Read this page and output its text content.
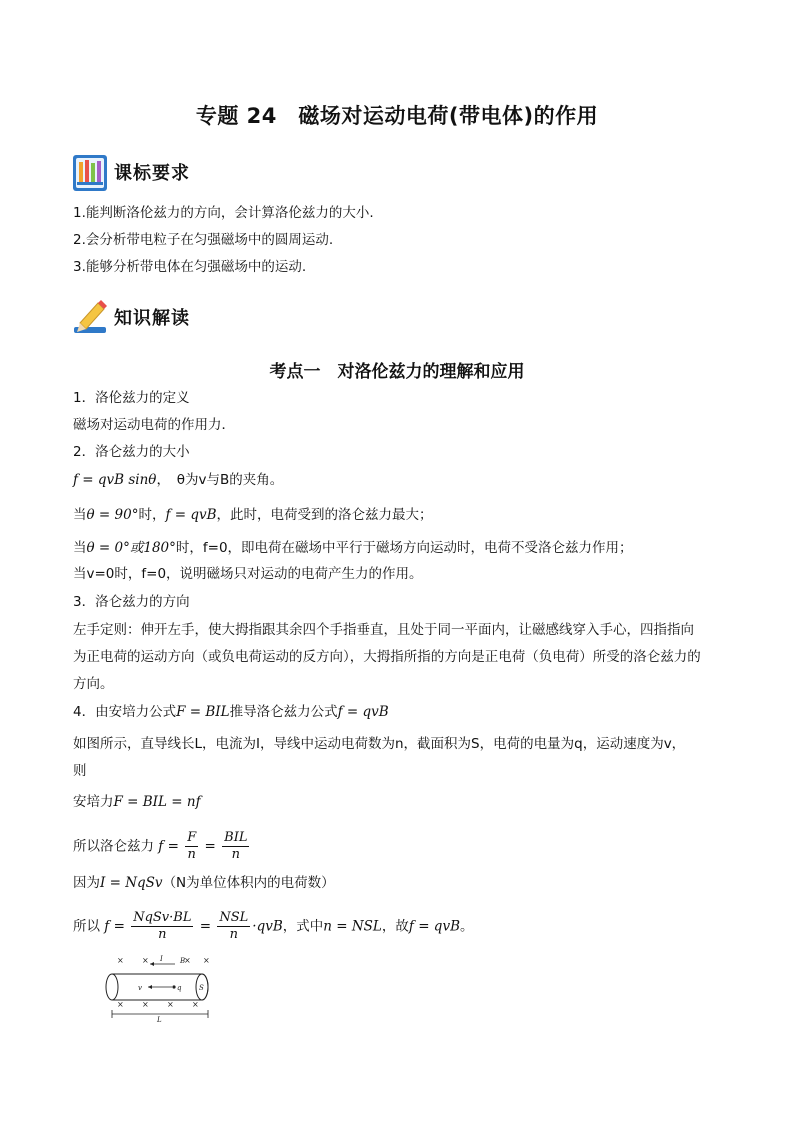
专题 24　磁场对运动电荷(带电体)的作用
课标要求
1.能判断洛伦兹力的方向，会计算洛伦兹力的大小.
2.会分析带电粒子在匀强磁场中的圆周运动.
3.能够分析带电体在匀强磁场中的运动.
知识解读
考点一　对洛伦兹力的理解和应用
1．洛伦兹力的定义
磁场对运动电荷的作用力．
2．洛仑兹力的大小
f = qvB sinθ，　θ为v与B的夹角。
当θ = 90°时，f = qvB，此时，电荷受到的洛仑兹力最大；
当θ = 0°或180°时，f=0，即电荷在磁场中平行于磁场方向运动时，电荷不受洛仑兹力作用；
当v=0时，f=0，说明磁场只对运动的电荷产生力的作用。
3．洛仑兹力的方向
左手定则：伸开左手，使大拇指跟其余四个手指垂直，且处于同一平面内，让磁感线穿入手心，四指指向
为正电荷的运动方向（或负电荷运动的反方向），大拇指所指的方向是正电荷（负电荷）所受的洛仑兹力的
方向。
4．由安培力公式F = BIL推导洛仑兹力公式f = qvB
如图所示，直导线长L，电流为I，导线中运动电荷数为n，截面积为S，电荷的电量为q，运动速度为v，
则
安培力F = BIL = nf
所以洛仑兹力 $f = \frac{F}{n} = \frac{\text{BIL}}{n}$
因为I = NqSv（N为单位体积内的电荷数）
所以 $f = \frac{\text{NqSv·BL}}{n} = \frac{\text{NSL}}{n} \cdot qvB$，式中n = NSL，故f = qvB。
× ×	× ×
× × × ×
I B
S
v	q
L
